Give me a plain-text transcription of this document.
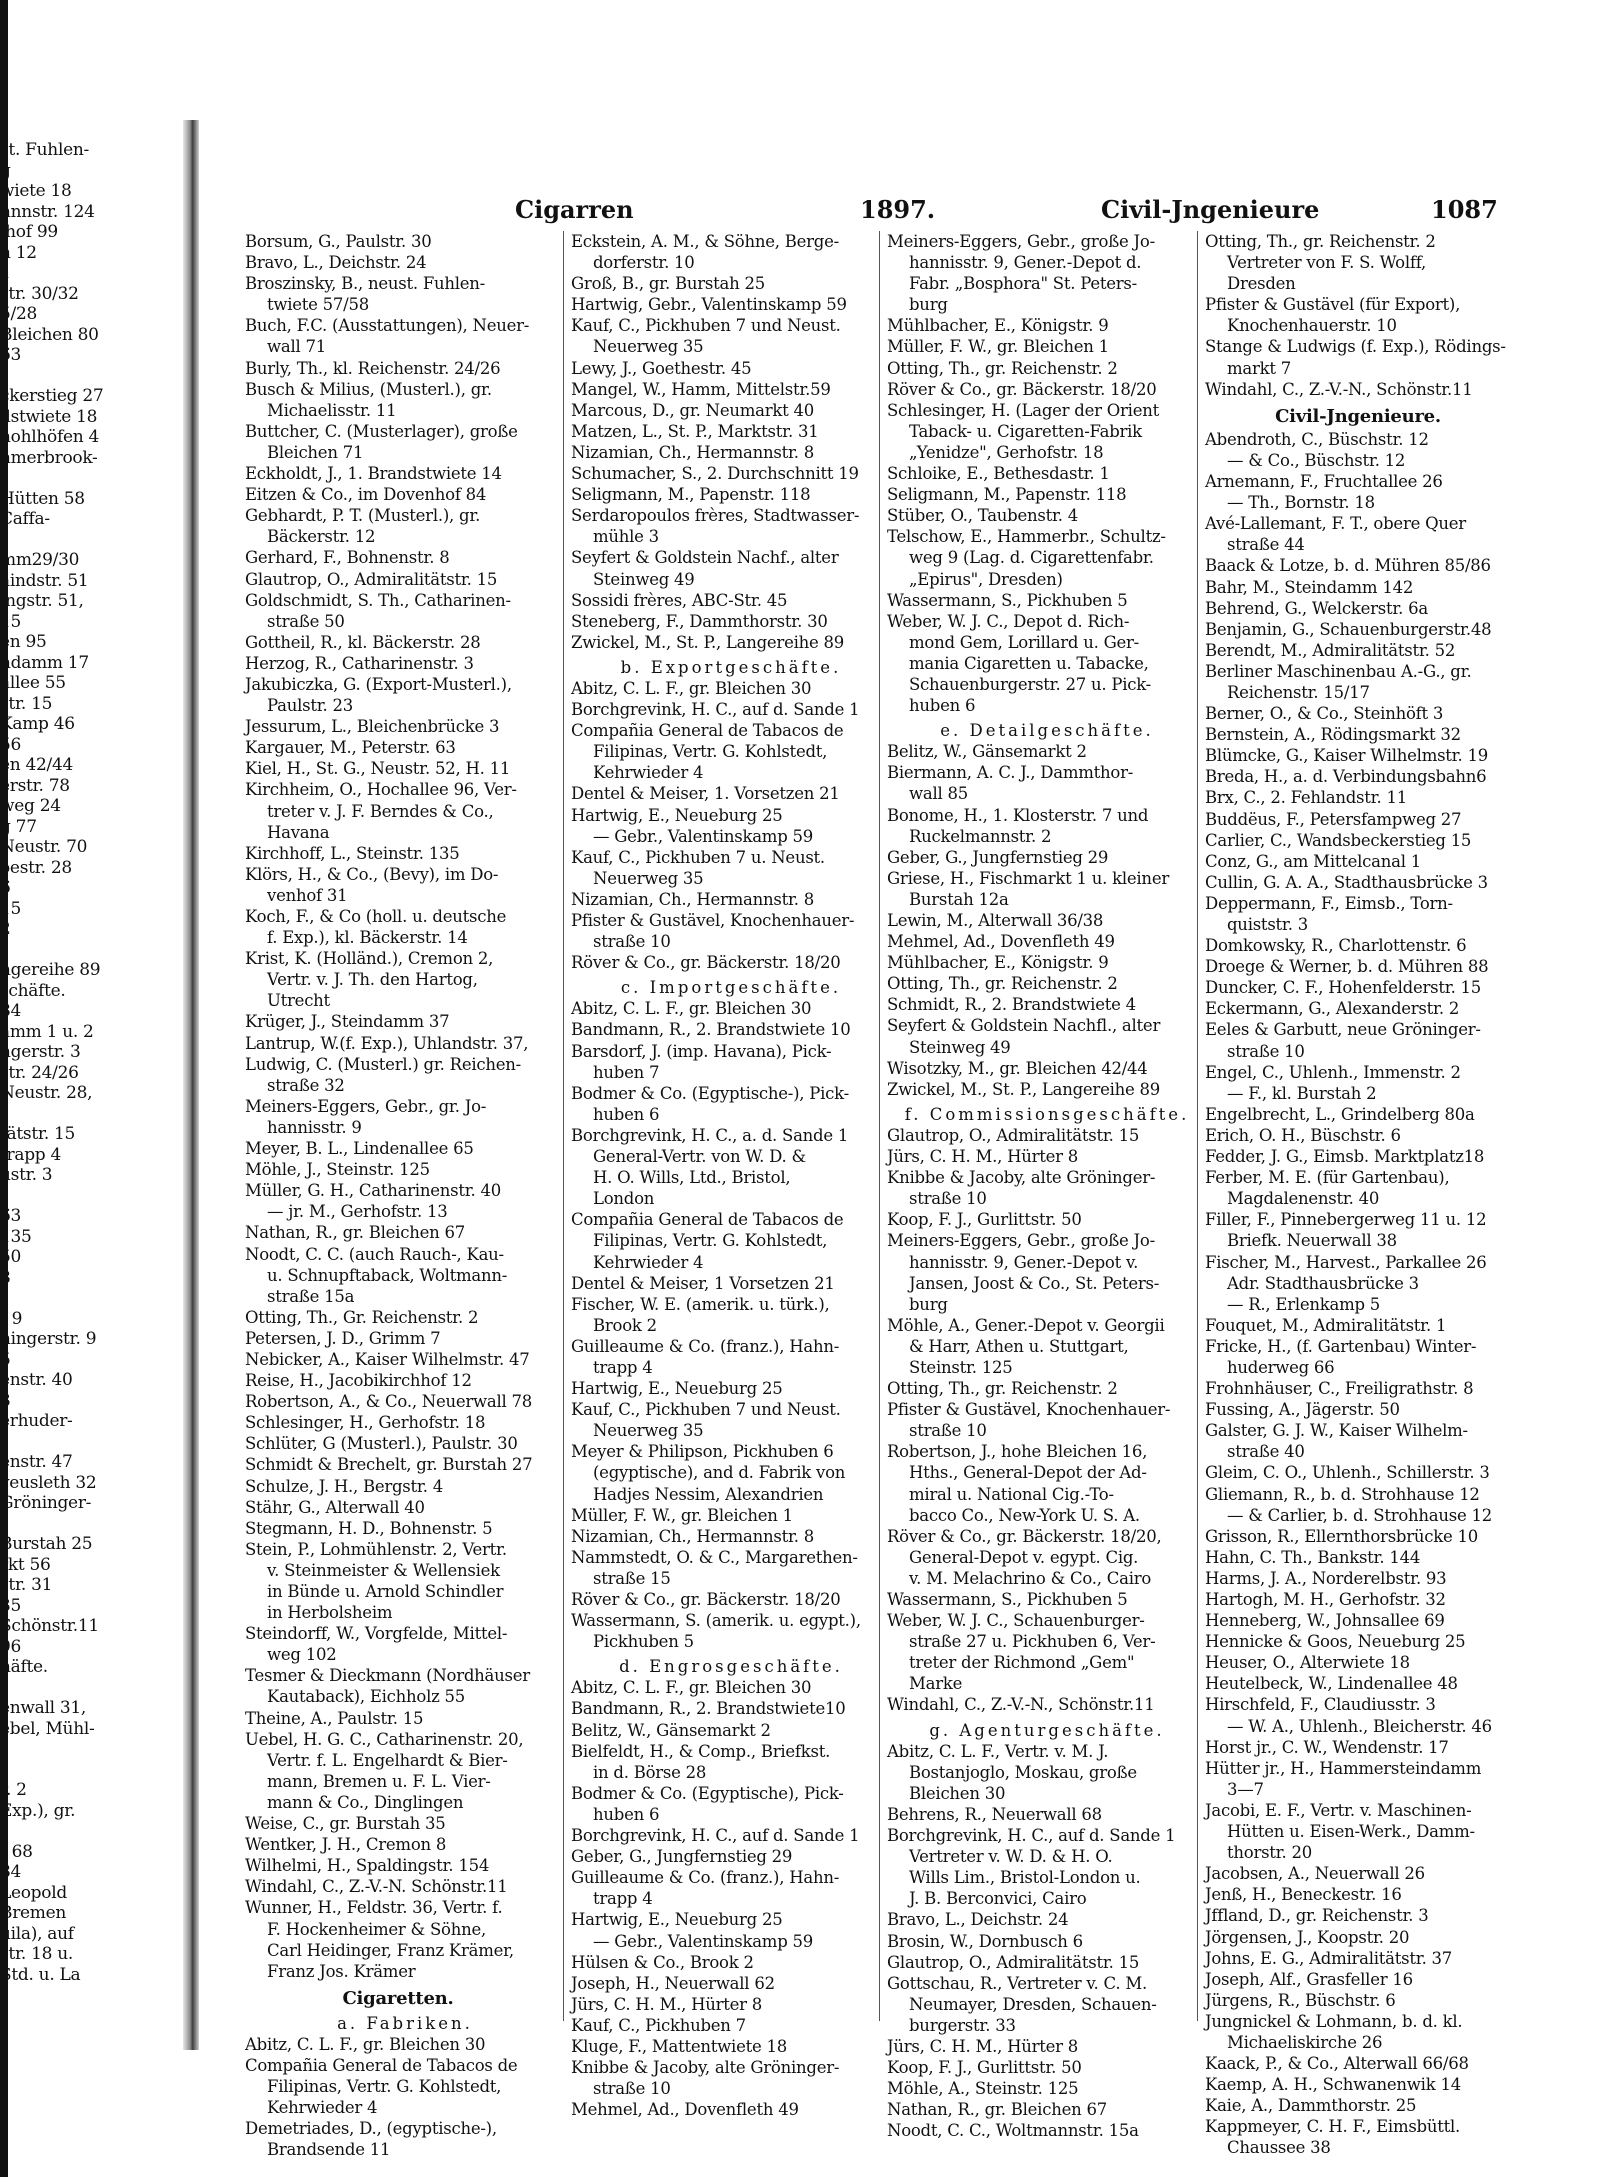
st. Fuhlen-
g
wiete 18
nnnstr. 124
lhof 99
n 12
1
str. 30/32
5/28
Bleichen 80
63

ckerstieg 27
dstwiete 18
hohlhöfen 4
nmerbrook-

Hütten 58
Caffa-

mm29/30
aindstr. 51
ingstr. 51,
15
en 95
ndamm 17
allee 55
str. 15
Kamp 46
56
en 42/44
erstr. 78
weg 24
g 77
Neustr. 70
oestr. 28
6
15
2

ngereihe 89
schäfte.
84
amm 1 u. 2
ngerstr. 3
str. 24/26
Neustr. 28,

tätstr. 15
trapp 4
ustr. 3

63
135
50
8

t 9
ningerstr. 9
5
enstr. 40
3
erhuder-

enstr. 47
veusleth 32
Gröninger-

Burstah 25
rkt 56
str. 31
35
Schönstr.11
96
häfte.

enwall 31,
ebel, Mühl-

r. 2
Exp.), gr.

t 68
84
Leopold
Bremen
uila), auf
str. 18 u.
Std. u. La
Cigarren	1897.	Civil-Jngenieure	1087
Borsum, G., Paulstr. 30
Bravo, L., Deichstr. 24
Broszinsky, B., neust. Fuhlen-
twiete 57/58
Buch, F.C. (Ausstattungen), Neuer-
wall 71
Burly, Th., kl. Reichenstr. 24/26
Busch & Milius, (Musterl.), gr.
Michaelisstr. 11
Buttcher, C. (Musterlager), große
Bleichen 71
Eckholdt, J., 1. Brandstwiete 14
Eitzen & Co., im Dovenhof 84
Gebhardt, P. T. (Musterl.), gr.
Bäckerstr. 12
Gerhard, F., Bohnenstr. 8
Glautrop, O., Admiralitätstr. 15
Goldschmidt, S. Th., Catharinen-
straße 50
Gottheil, R., kl. Bäckerstr. 28
Herzog, R., Catharinenstr. 3
Jakubiczka, G. (Export-Musterl.),
Paulstr. 23
Jessurum, L., Bleichenbrücke 3
Kargauer, M., Peterstr. 63
Kiel, H., St. G., Neustr. 52, H. 11
Kirchheim, O., Hochallee 96, Ver-
treter v. J. F. Berndes & Co.,
Havana
Kirchhoff, L., Steinstr. 135
Klörs, H., & Co., (Bevy), im Do-
venhof 31
Koch, F., & Co (holl. u. deutsche
f. Exp.), kl. Bäckerstr. 14
Krist, K. (Holländ.), Cremon 2,
Vertr. v. J. Th. den Hartog,
Utrecht
Krüger, J., Steindamm 37
Lantrup, W.(f. Exp.), Uhlandstr. 37,
Ludwig, C. (Musterl.) gr. Reichen-
straße 32
Meiners-Eggers, Gebr., gr. Jo-
hannisstr. 9
Meyer, B. L., Lindenallee 65
Möhle, J., Steinstr. 125
Müller, G. H., Catharinenstr. 40
— jr. M., Gerhofstr. 13
Nathan, R., gr. Bleichen 67
Noodt, C. C. (auch Rauch-, Kau-
u. Schnupftaback, Woltmann-
straße 15a
Otting, Th., Gr. Reichenstr. 2
Petersen, J. D., Grimm 7
Nebicker, A., Kaiser Wilhelmstr. 47
Reise, H., Jacobikirchhof 12
Robertson, A., & Co., Neuerwall 78
Schlesinger, H., Gerhofstr. 18
Schlüter, G (Musterl.), Paulstr. 30
Schmidt & Brechelt, gr. Burstah 27
Schulze, J. H., Bergstr. 4
Stähr, G., Alterwall 40
Stegmann, H. D., Bohnenstr. 5
Stein, P., Lohmühlenstr. 2, Vertr.
v. Steinmeister & Wellensiek
in Bünde u. Arnold Schindler
in Herbolsheim
Steindorff, W., Vorgfelde, Mittel-
weg 102
Tesmer & Dieckmann (Nordhäuser
Kautaback), Eichholz 55
Theine, A., Paulstr. 15
Uebel, H. G. C., Catharinenstr. 20,
Vertr. f. L. Engelhardt & Bier-
mann, Bremen u. F. L. Vier-
mann & Co., Dinglingen
Weise, C., gr. Burstah 35
Wentker, J. H., Cremon 8
Wilhelmi, H., Spaldingstr. 154
Windahl, C., Z.-V.-N. Schönstr.11
Wunner, H., Feldstr. 36, Vertr. f.
F. Hockenheimer & Söhne,
Carl Heidinger, Franz Krämer,
Franz Jos. Krämer
Cigaretten.
a. Fabriken.
Abitz, C. L. F., gr. Bleichen 30
Compañia General de Tabacos de
Filipinas, Vertr. G. Kohlstedt,
Kehrwieder 4
Demetriades, D., (egyptische-),
Brandsende 11
Eckstein, A. M., & Söhne, Berge-
dorferstr. 10
Groß, B., gr. Burstah 25
Hartwig, Gebr., Valentinskamp 59
Kauf, C., Pickhuben 7 und Neust.
Neuerweg 35
Lewy, J., Goethestr. 45
Mangel, W., Hamm, Mittelstr.59
Marcous, D., gr. Neumarkt 40
Matzen, L., St. P., Marktstr. 31
Nizamian, Ch., Hermannstr. 8
Schumacher, S., 2. Durchschnitt 19
Seligmann, M., Papenstr. 118
Serdaropoulos frères, Stadtwasser-
mühle 3
Seyfert & Goldstein Nachf., alter
Steinweg 49
Sossidi frères, ABC-Str. 45
Steneberg, F., Dammthorstr. 30
Zwickel, M., St. P., Langereihe 89
b. Exportgeschäfte.
Abitz, C. L. F., gr. Bleichen 30
Borchgrevink, H. C., auf d. Sande 1
Compañia General de Tabacos de
Filipinas, Vertr. G. Kohlstedt,
Kehrwieder 4
Dentel & Meiser, 1. Vorsetzen 21
Hartwig, E., Neueburg 25
— Gebr., Valentinskamp 59
Kauf, C., Pickhuben 7 u. Neust.
Neuerweg 35
Nizamian, Ch., Hermannstr. 8
Pfister & Gustävel, Knochenhauer-
straße 10
Röver & Co., gr. Bäckerstr. 18/20
c. Importgeschäfte.
Abitz, C. L. F., gr. Bleichen 30
Bandmann, R., 2. Brandstwiete 10
Barsdorf, J. (imp. Havana), Pick-
huben 7
Bodmer & Co. (Egyptische-), Pick-
huben 6
Borchgrevink, H. C., a. d. Sande 1
General-Vertr. von W. D. &
H. O. Wills, Ltd., Bristol,
London
Compañia General de Tabacos de
Filipinas, Vertr. G. Kohlstedt,
Kehrwieder 4
Dentel & Meiser, 1 Vorsetzen 21
Fischer, W. E. (amerik. u. türk.),
Brook 2
Guilleaume & Co. (franz.), Hahn-
trapp 4
Hartwig, E., Neueburg 25
Kauf, C., Pickhuben 7 und Neust.
Neuerweg 35
Meyer & Philipson, Pickhuben 6
(egyptische), and d. Fabrik von
Hadjes Nessim, Alexandrien
Müller, F. W., gr. Bleichen 1
Nizamian, Ch., Hermannstr. 8
Nammstedt, O. & C., Margarethen-
straße 15
Röver & Co., gr. Bäckerstr. 18/20
Wassermann, S. (amerik. u. egypt.),
Pickhuben 5
d. Engrosgeschäfte.
Abitz, C. L. F., gr. Bleichen 30
Bandmann, R., 2. Brandstwiete10
Belitz, W., Gänsemarkt 2
Bielfeldt, H., & Comp., Briefkst.
in d. Börse 28
Bodmer & Co. (Egyptische), Pick-
huben 6
Borchgrevink, H. C., auf d. Sande 1
Geber, G., Jungfernstieg 29
Guilleaume & Co. (franz.), Hahn-
trapp 4
Hartwig, E., Neueburg 25
— Gebr., Valentinskamp 59
Hülsen & Co., Brook 2
Joseph, H., Neuerwall 62
Jürs, C. H. M., Hürter 8
Kauf, C., Pickhuben 7
Kluge, F., Mattentwiete 18
Knibbe & Jacoby, alte Gröninger-
straße 10
Mehmel, Ad., Dovenfleth 49
Meiners-Eggers, Gebr., große Jo-
hannisstr. 9, Gener.-Depot d.
Fabr. „Bosphora" St. Peters-
burg
Mühlbacher, E., Königstr. 9
Müller, F. W., gr. Bleichen 1
Otting, Th., gr. Reichenstr. 2
Röver & Co., gr. Bäckerstr. 18/20
Schlesinger, H. (Lager der Orient
Taback- u. Cigaretten-Fabrik
„Yenidze", Gerhofstr. 18
Schloike, E., Bethesdastr. 1
Seligmann, M., Papenstr. 118
Stüber, O., Taubenstr. 4
Telschow, E., Hammerbr., Schultz-
weg 9 (Lag. d. Cigarettenfabr.
„Epirus", Dresden)
Wassermann, S., Pickhuben 5
Weber, W. J. C., Depot d. Rich-
mond Gem, Lorillard u. Ger-
mania Cigaretten u. Tabacke,
Schauenburgerstr. 27 u. Pick-
huben 6
e. Detailgeschäfte.
Belitz, W., Gänsemarkt 2
Biermann, A. C. J., Dammthor-
wall 85
Bonome, H., 1. Klosterstr. 7 und
Ruckelmannstr. 2
Geber, G., Jungfernstieg 29
Griese, H., Fischmarkt 1 u. kleiner
Burstah 12a
Lewin, M., Alterwall 36/38
Mehmel, Ad., Dovenfleth 49
Mühlbacher, E., Königstr. 9
Otting, Th., gr. Reichenstr. 2
Schmidt, R., 2. Brandstwiete 4
Seyfert & Goldstein Nachfl., alter
Steinweg 49
Wisotzky, M., gr. Bleichen 42/44
Zwickel, M., St. P., Langereihe 89
f. Commissionsgeschäfte.
Glautrop, O., Admiralitätstr. 15
Jürs, C. H. M., Hürter 8
Knibbe & Jacoby, alte Gröninger-
straße 10
Koop, F. J., Gurlittstr. 50
Meiners-Eggers, Gebr., große Jo-
hannisstr. 9, Gener.-Depot v.
Jansen, Joost & Co., St. Peters-
burg
Möhle, A., Gener.-Depot v. Georgii
& Harr, Athen u. Stuttgart,
Steinstr. 125
Otting, Th., gr. Reichenstr. 2
Pfister & Gustävel, Knochenhauer-
straße 10
Robertson, J., hohe Bleichen 16,
Hths., General-Depot der Ad-
miral u. National Cig.-To-
bacco Co., New-York U. S. A.
Röver & Co., gr. Bäckerstr. 18/20,
General-Depot v. egypt. Cig.
v. M. Melachrino & Co., Cairo
Wassermann, S., Pickhuben 5
Weber, W. J. C., Schauenburger-
straße 27 u. Pickhuben 6, Ver-
treter der Richmond „Gem"
Marke
Windahl, C., Z.-V.-N., Schönstr.11
g. Agenturgeschäfte.
Abitz, C. L. F., Vertr. v. M. J.
Bostanjoglo, Moskau, große
Bleichen 30
Behrens, R., Neuerwall 68
Borchgrevink, H. C., auf d. Sande 1
Vertreter v. W. D. & H. O.
Wills Lim., Bristol-London u.
J. B. Berconvici, Cairo
Bravo, L., Deichstr. 24
Brosin, W., Dornbusch 6
Glautrop, O., Admiralitätstr. 15
Gottschau, R., Vertreter v. C. M.
Neumayer, Dresden, Schauen-
burgerstr. 33
Jürs, C. H. M., Hürter 8
Koop, F. J., Gurlittstr. 50
Möhle, A., Steinstr. 125
Nathan, R., gr. Bleichen 67
Noodt, C. C., Woltmannstr. 15a
Otting, Th., gr. Reichenstr. 2
Vertreter von F. S. Wolff,
Dresden
Pfister & Gustävel (für Export),
Knochenhauerstr. 10
Stange & Ludwigs (f. Exp.), Rödings-
markt 7
Windahl, C., Z.-V.-N., Schönstr.11
Civil-Jngenieure.
Abendroth, C., Büschstr. 12
— & Co., Büschstr. 12
Arnemann, F., Fruchtallee 26
— Th., Bornstr. 18
Avé-Lallemant, F. T., obere Quer
straße 44
Baack & Lotze, b. d. Mühren 85/86
Bahr, M., Steindamm 142
Behrend, G., Welckerstr. 6a
Benjamin, G., Schauenburgerstr.48
Berendt, M., Admiralitätstr. 52
Berliner Maschinenbau A.-G., gr.
Reichenstr. 15/17
Berner, O., & Co., Steinhöft 3
Bernstein, A., Rödingsmarkt 32
Blümcke, G., Kaiser Wilhelmstr. 19
Breda, H., a. d. Verbindungsbahn6
Brx, C., 2. Fehlandstr. 11
Buddëus, F., Petersfampweg 27
Carlier, C., Wandsbeckerstieg 15
Conz, G., am Mittelcanal 1
Cullin, G. A. A., Stadthausbrücke 3
Deppermann, F., Eimsb., Torn-
quiststr. 3
Domkowsky, R., Charlottenstr. 6
Droege & Werner, b. d. Mühren 88
Duncker, C. F., Hohenfelderstr. 15
Eckermann, G., Alexanderstr. 2
Eeles & Garbutt, neue Gröninger-
straße 10
Engel, C., Uhlenh., Immenstr. 2
— F., kl. Burstah 2
Engelbrecht, L., Grindelberg 80a
Erich, O. H., Büschstr. 6
Fedder, J. G., Eimsb. Marktplatz18
Ferber, M. E. (für Gartenbau),
Magdalenenstr. 40
Filler, F., Pinnebergerweg 11 u. 12
Briefk. Neuerwall 38
Fischer, M., Harvest., Parkallee 26
Adr. Stadthausbrücke 3
— R., Erlenkamp 5
Fouquet, M., Admiralitätstr. 1
Fricke, H., (f. Gartenbau) Winter-
huderweg 66
Frohnhäuser, C., Freiligrathstr. 8
Fussing, A., Jägerstr. 50
Galster, G. J. W., Kaiser Wilhelm-
straße 40
Gleim, C. O., Uhlenh., Schillerstr. 3
Gliemann, R., b. d. Strohhause 12
— & Carlier, b. d. Strohhause 12
Grisson, R., Ellernthorsbrücke 10
Hahn, C. Th., Bankstr. 144
Harms, J. A., Norderelbstr. 93
Hartogh, M. H., Gerhofstr. 32
Henneberg, W., Johnsallee 69
Hennicke & Goos, Neueburg 25
Heuser, O., Alterwiete 18
Heutelbeck, W., Lindenallee 48
Hirschfeld, F., Claudiusstr. 3
— W. A., Uhlenh., Bleicherstr. 46
Horst jr., C. W., Wendenstr. 17
Hütter jr., H., Hammersteindamm
3—7
Jacobi, E. F., Vertr. v. Maschinen-
Hütten u. Eisen-Werk., Damm-
thorstr. 20
Jacobsen, A., Neuerwall 26
Jenß, H., Beneckestr. 16
Jffland, D., gr. Reichenstr. 3
Jörgensen, J., Koopstr. 20
Johns, E. G., Admiralitätstr. 37
Joseph, Alf., Grasfeller 16
Jürgens, R., Büschstr. 6
Jungnickel & Lohmann, b. d. kl.
Michaeliskirche 26
Kaack, P., & Co., Alterwall 66/68
Kaemp, A. H., Schwanenwik 14
Kaie, A., Dammthorstr. 25
Kappmeyer, C. H. F., Eimsbüttl.
Chaussee 38
